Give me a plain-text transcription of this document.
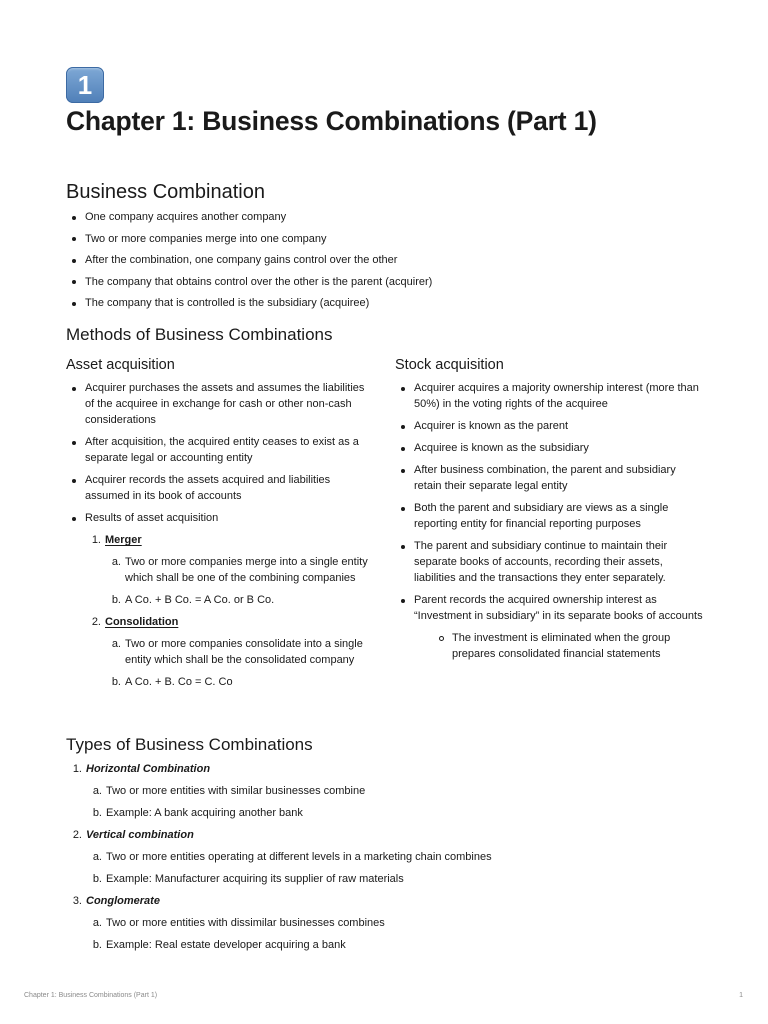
1
Chapter 1: Business Combinations (Part 1)
Business Combination
One company acquires another company
Two or more companies merge into one company
After the combination, one company gains control over the other
The company that obtains control over the other is the parent (acquirer)
The company that is controlled is the subsidiary (acquiree)
Methods of Business Combinations
Asset acquisition
Acquirer purchases the assets and assumes the liabilities of the acquiree in exchange for cash or other non-cash considerations
After acquisition, the acquired entity ceases to exist as a separate legal or accounting entity
Acquirer records the assets acquired and liabilities assumed in its book of accounts
Results of asset acquisition
1. Merger
a. Two or more companies merge into a single entity which shall be one of the combining companies
b. A Co. + B Co. = A Co. or B Co.
2. Consolidation
a. Two or more companies consolidate into a single entity which shall be the consolidated company
b. A Co. + B. Co = C. Co
Stock acquisition
Acquirer acquires a majority ownership interest (more than 50%) in the voting rights of the acquiree
Acquirer is known as the parent
Acquiree is known as the subsidiary
After business combination, the parent and subsidiary retain their separate legal entity
Both the parent and subsidiary are views as a single reporting entity for financial reporting purposes
The parent and subsidiary continue to maintain their separate books of accounts, recording their assets, liabilities and the transactions they enter separately.
Parent records the acquired ownership interest as “Investment in subsidiary” in its separate books of accounts
The investment is eliminated when the group prepares consolidated financial statements
Types of Business Combinations
1. Horizontal Combination
a. Two or more entities with similar businesses combine
b. Example: A bank acquiring another bank
2. Vertical combination
a. Two or more entities operating at different levels in a marketing chain combines
b. Example: Manufacturer acquiring its supplier of raw materials
3. Conglomerate
a. Two or more entities with dissimilar businesses combines
b. Example: Real estate developer acquiring a bank
Chapter 1: Business Combinations (Part 1)	1
